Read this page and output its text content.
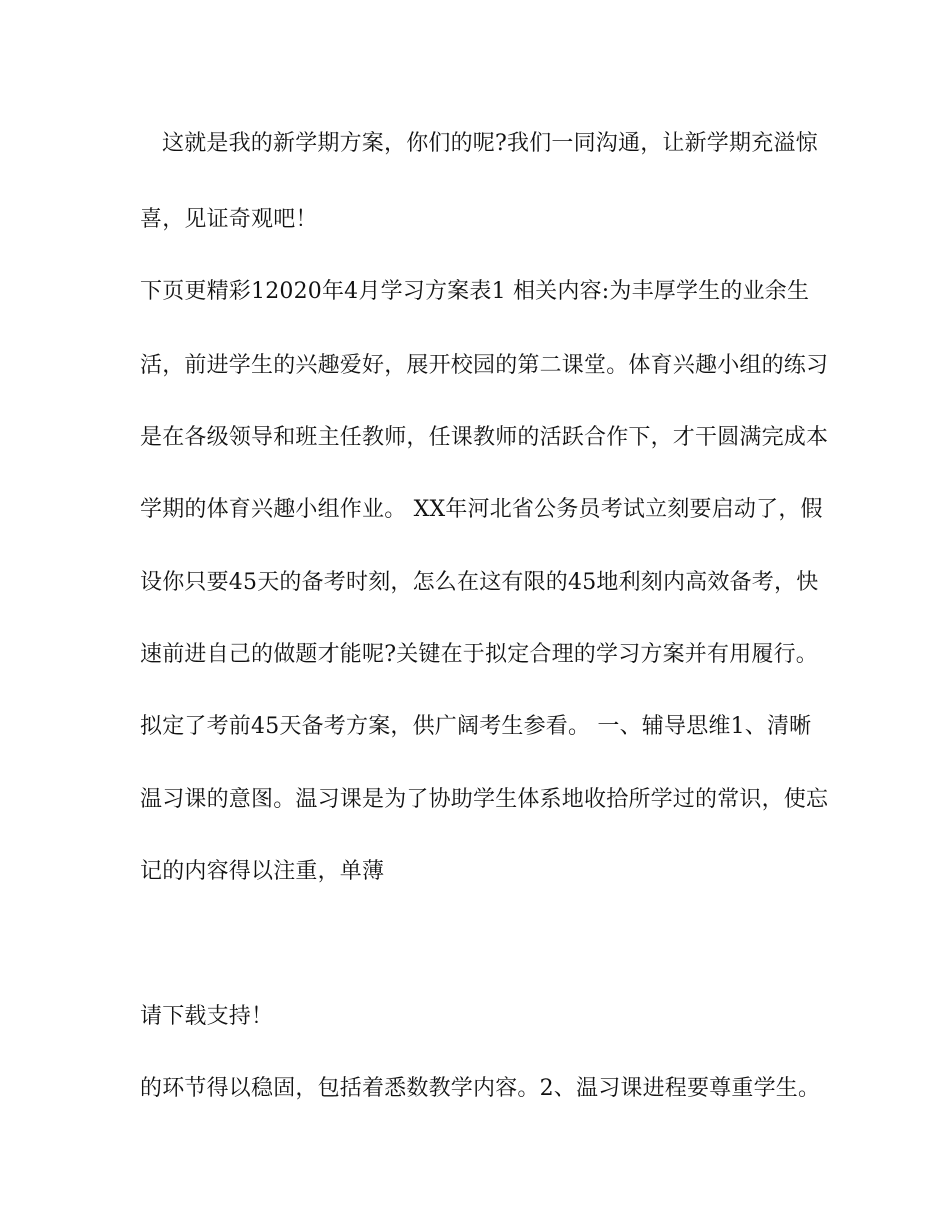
这就是我的新学期方案，你们的呢?我们一同沟通，让新学期充溢惊
喜，见证奇观吧！
下页更精彩12020年4月学习方案表1 相关内容:为丰厚学生的业余生
活，前进学生的兴趣爱好，展开校园的第二课堂。体育兴趣小组的练习
是在各级领导和班主任教师，任课教师的活跃合作下，才干圆满完成本
学期的体育兴趣小组作业。 XX年河北省公务员考试立刻要启动了，假
设你只要45天的备考时刻，怎么在这有限的45地利刻内高效备考，快
速前进自己的做题才能呢?关键在于拟定合理的学习方案并有用履行。
拟定了考前45天备考方案，供广阔考生参看。 一、辅导思维1、清晰
温习课的意图。温习课是为了协助学生体系地收拾所学过的常识，使忘
记的内容得以注重，单薄
请下载支持！
的环节得以稳固，包括着悉数教学内容。2、温习课进程要尊重学生。
